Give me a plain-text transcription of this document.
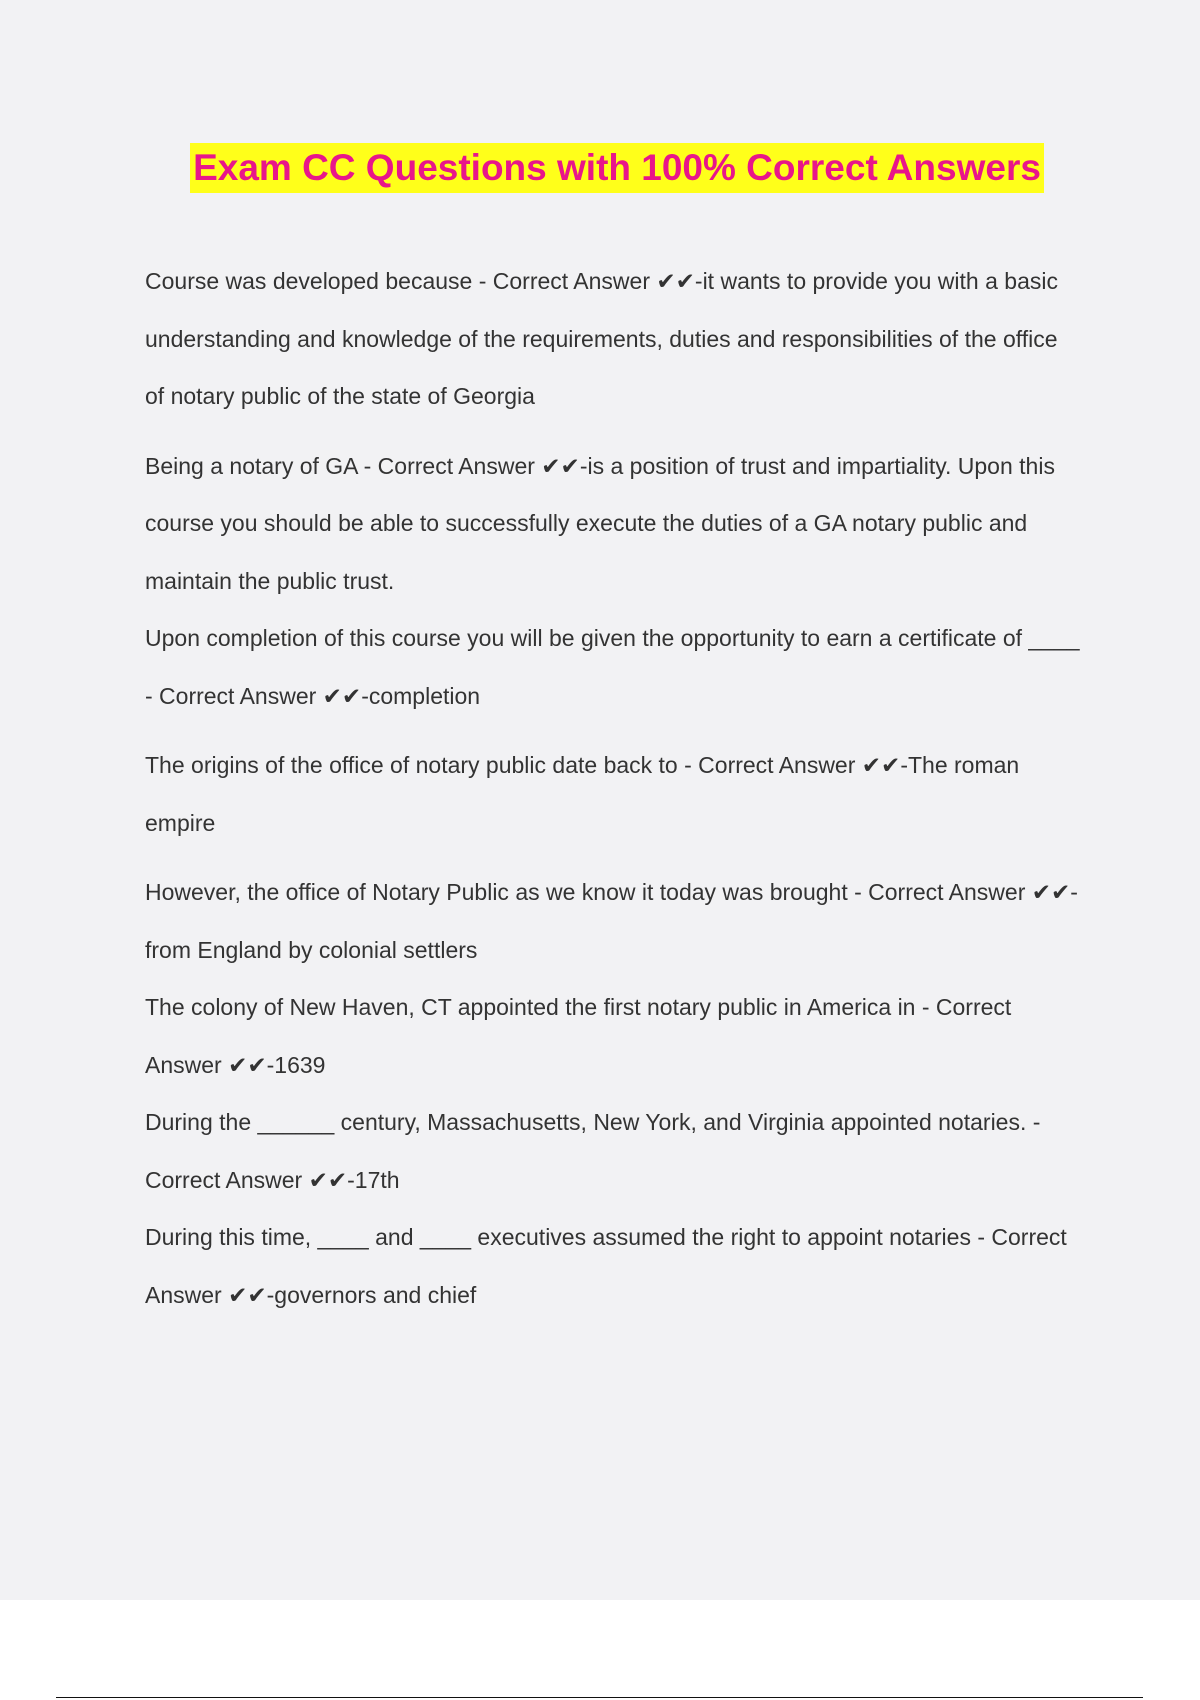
Exam CC Questions with 100% Correct Answers

Course was developed because - Correct Answer ✔✔-it wants to provide you with a basic understanding and knowledge of the requirements, duties and responsibilities of the office of notary public of the state of Georgia

Being a notary of GA - Correct Answer ✔✔-is a position of trust and impartiality. Upon this course you should be able to successfully execute the duties of a GA notary public and maintain the public trust.

Upon completion of this course you will be given the opportunity to earn a certificate of ____ - Correct Answer ✔✔-completion

The origins of the office of notary public date back to - Correct Answer ✔✔-The roman empire

However, the office of Notary Public as we know it today was brought - Correct Answer ✔✔-from England by colonial settlers

The colony of New Haven, CT appointed the first notary public in America in - Correct Answer ✔✔-1639

During the ______ century, Massachusetts, New York, and Virginia appointed notaries. - Correct Answer ✔✔-17th

During this time, ____ and ____ executives assumed the right to appoint notaries - Correct Answer ✔✔-governors and chief
